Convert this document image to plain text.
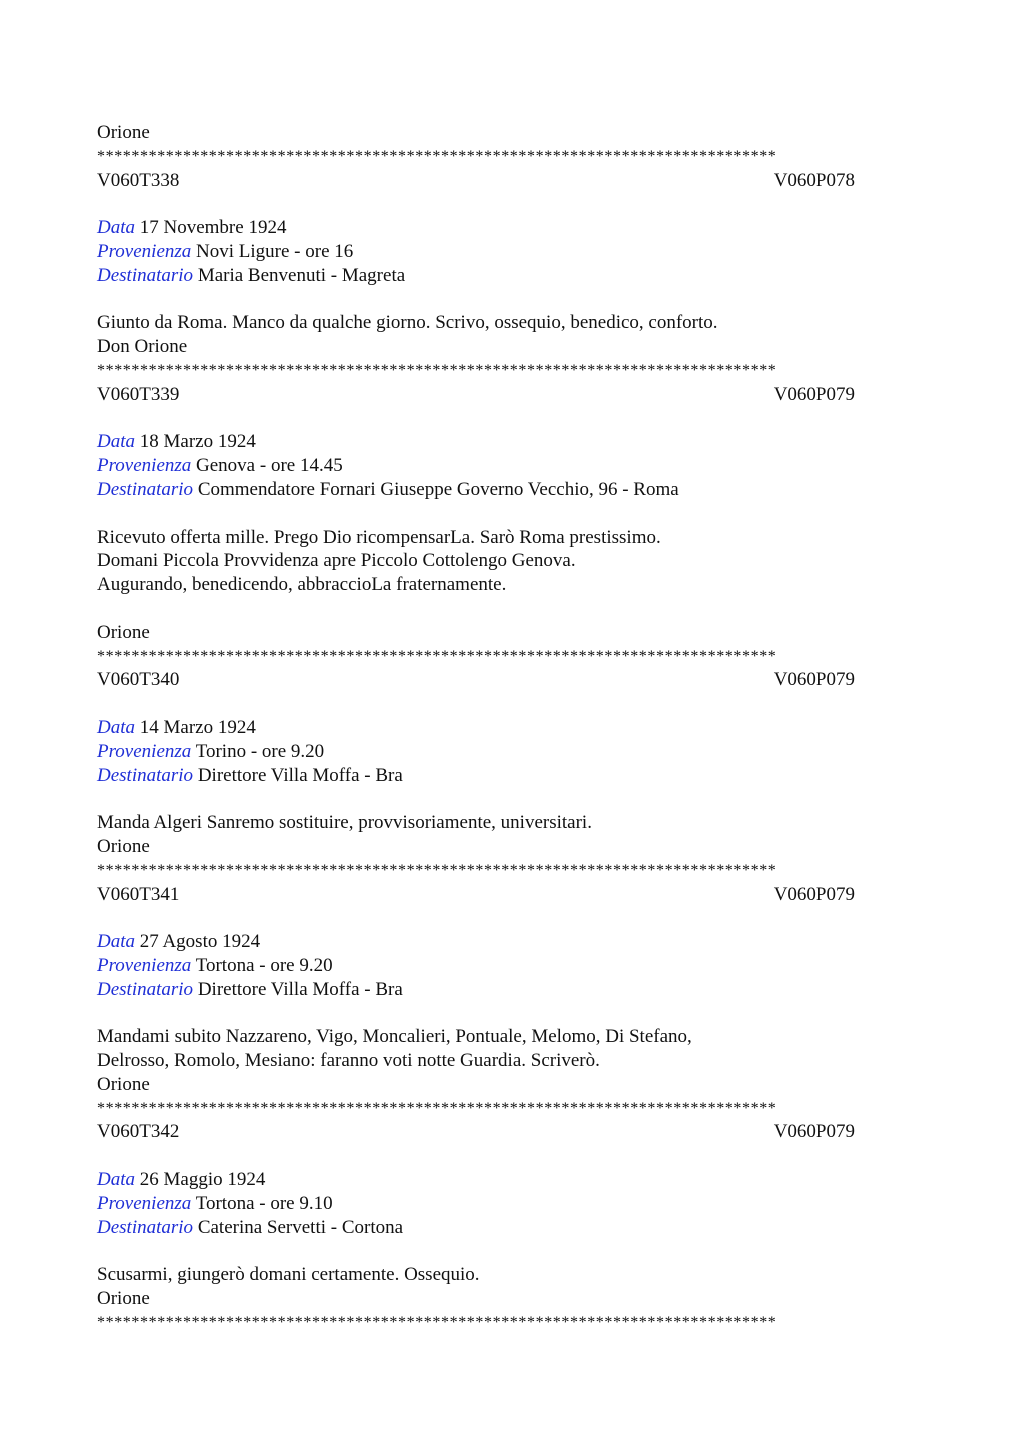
Orione
*******************************************************************************
V060T338	V060P078
Data 17 Novembre 1924
Provenienza Novi Ligure - ore 16
Destinatario Maria Benvenuti - Magreta
Giunto da Roma. Manco da qualche giorno. Scrivo, ossequio, benedico, conforto.
Don Orione
*******************************************************************************
V060T339	V060P079
Data 18 Marzo 1924
Provenienza Genova - ore 14.45
Destinatario Commendatore Fornari Giuseppe Governo Vecchio, 96 - Roma
Ricevuto offerta mille. Prego Dio ricompensarLa. Sarò Roma prestissimo.
Domani Piccola Provvidenza apre Piccolo Cottolengo Genova.
Augurando, benedicendo, abbraccioLa fraternamente.
Orione
*******************************************************************************
V060T340	V060P079
Data 14 Marzo 1924
Provenienza Torino - ore 9.20
Destinatario Direttore Villa Moffa - Bra
Manda Algeri Sanremo sostituire, provvisoriamente, universitari.
Orione
*******************************************************************************
V060T341	V060P079
Data 27 Agosto 1924
Provenienza Tortona - ore 9.20
Destinatario Direttore Villa Moffa - Bra
Mandami subito Nazzareno, Vigo, Moncalieri, Pontuale, Melomo, Di Stefano,
Delrosso, Romolo, Mesiano: faranno voti notte Guardia. Scriverò.
Orione
*******************************************************************************
V060T342	V060P079
Data 26 Maggio 1924
Provenienza Tortona - ore 9.10
Destinatario Caterina Servetti - Cortona
Scusarmi, giungerò domani certamente. Ossequio.
Orione
*******************************************************************************
